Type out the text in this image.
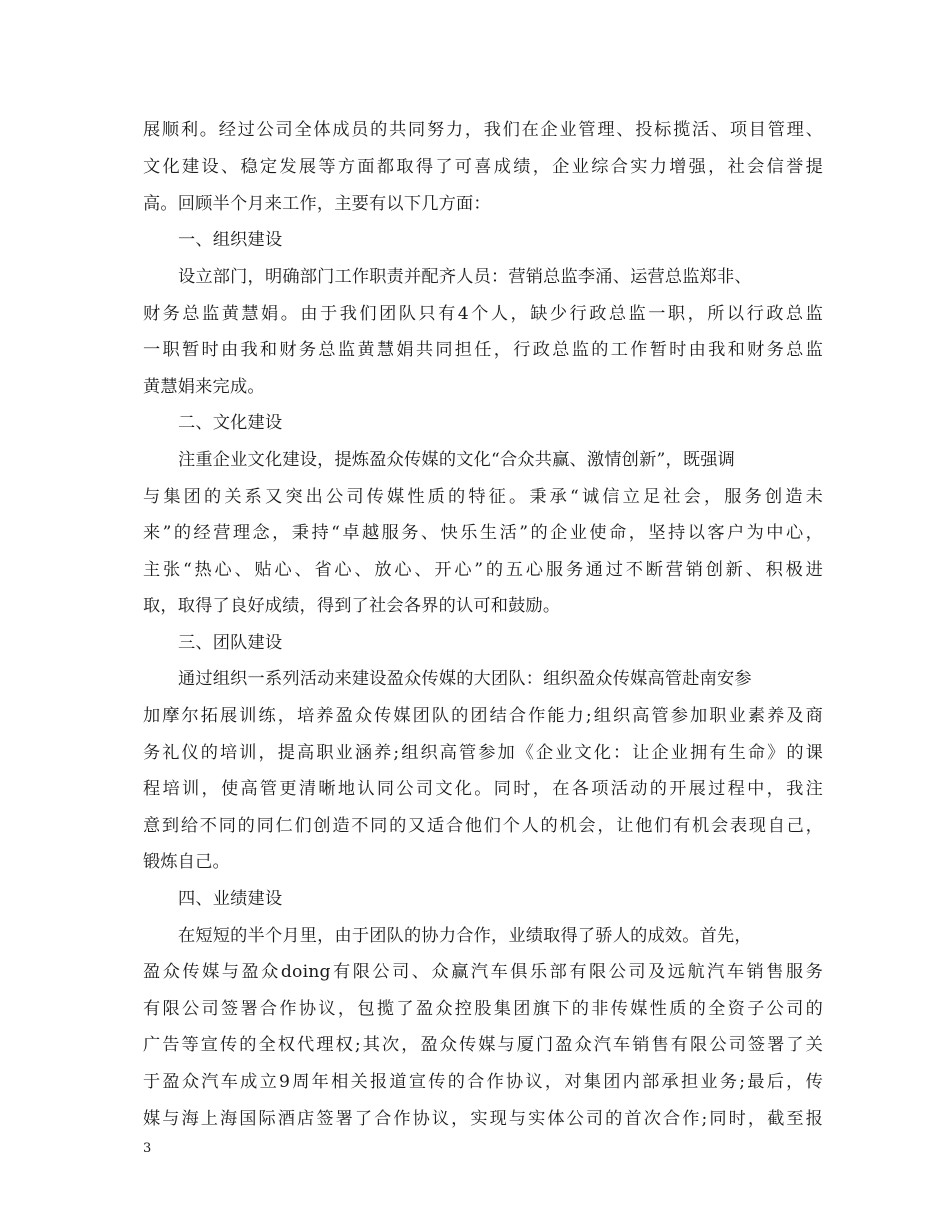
展顺利。经过公司全体成员的共同努力，我们在企业管理、投标揽活、项目管理、
文化建设、稳定发展等方面都取得了可喜成绩，企业综合实力增强，社会信誉提
高。回顾半个月来工作，主要有以下几方面：
一、组织建设
设立部门，明确部门工作职责并配齐人员：营销总监李涌、运营总监郑非、
财务总监黄慧娟。由于我们团队只有4个人，缺少行政总监一职，所以行政总监
一职暂时由我和财务总监黄慧娟共同担任，行政总监的工作暂时由我和财务总监
黄慧娟来完成。
二、文化建设
注重企业文化建设，提炼盈众传媒的文化“合众共赢、激情创新”，既强调
与集团的关系又突出公司传媒性质的特征。秉承“诚信立足社会，服务创造未
来”的经营理念，秉持“卓越服务、快乐生活”的企业使命，坚持以客户为中心，
主张“热心、贴心、省心、放心、开心”的五心服务通过不断营销创新、积极进
取，取得了良好成绩，得到了社会各界的认可和鼓励。
三、团队建设
通过组织一系列活动来建设盈众传媒的大团队：组织盈众传媒高管赴南安参
加摩尔拓展训练，培养盈众传媒团队的团结合作能力;组织高管参加职业素养及商
务礼仪的培训，提高职业涵养;组织高管参加《企业文化：让企业拥有生命》的课
程培训，使高管更清晰地认同公司文化。同时，在各项活动的开展过程中，我注
意到给不同的同仁们创造不同的又适合他们个人的机会，让他们有机会表现自己，
锻炼自己。
四、业绩建设
在短短的半个月里，由于团队的协力合作，业绩取得了骄人的成效。首先，
盈众传媒与盈众doing有限公司、众赢汽车俱乐部有限公司及远航汽车销售服务
有限公司签署合作协议，包揽了盈众控股集团旗下的非传媒性质的全资子公司的
广告等宣传的全权代理权;其次，盈众传媒与厦门盈众汽车销售有限公司签署了关
于盈众汽车成立9周年相关报道宣传的合作协议，对集团内部承担业务;最后，传
媒与海上海国际酒店签署了合作协议，实现与实体公司的首次合作;同时，截至报
3
